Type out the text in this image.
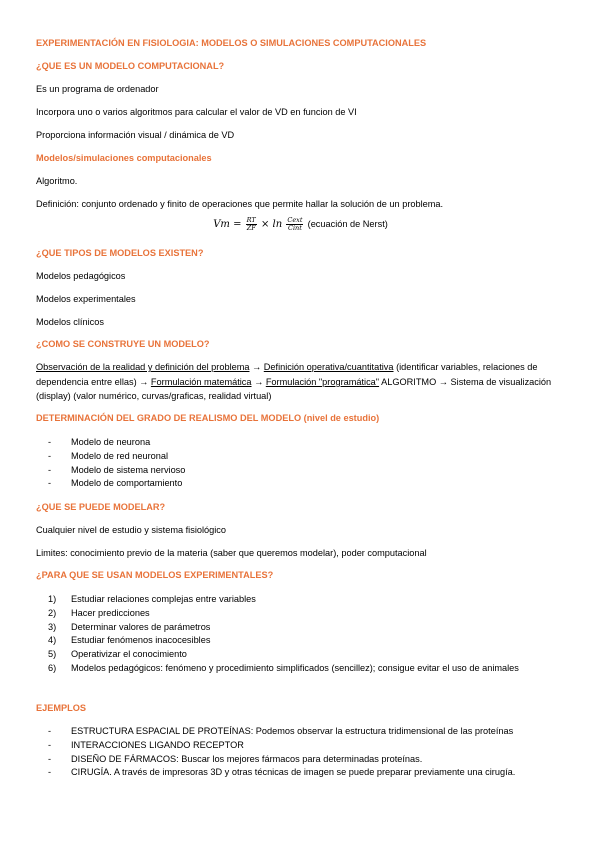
EXPERIMENTACIÓN EN FISIOLOGIA: MODELOS O SIMULACIONES COMPUTACIONALES
¿QUE ES UN MODELO COMPUTACIONAL?
Es un programa de ordenador
Incorpora uno o varios algoritmos para calcular el valor de VD en funcion de VI
Proporciona información visual / dinámica de VD
Modelos/simulaciones computacionales
Algoritmo.
Definición: conjunto ordenado y finito de operaciones que permite hallar la solución de un problema.
$Vm = \frac{RT}{ZF} \times \ln \frac{\text{Cext}}{\text{Cint}}$ (ecuación de Nerst)
¿QUE TIPOS DE MODELOS EXISTEN?
Modelos pedagógicos
Modelos experimentales
Modelos clínicos
¿COMO SE CONSTRUYE UN MODELO?
Observación de la realidad y definición del problema → Definición operativa/cuantitativa (identificar variables, relaciones de dependencia entre ellas) → Formulación matemática → Formulación "programática" ALGORITMO → Sistema de visualización (display) (valor numérico, curvas/graficas, realidad virtual)
DETERMINACIÓN DEL GRADO DE REALISMO DEL MODELO (nivel de estudio)
- Modelo de neurona
- Modelo de red neuronal
- Modelo de sistema nervioso
- Modelo de comportamiento
¿QUE SE PUEDE MODELAR?
Cualquier nivel de estudio y sistema fisiológico
Limites: conocimiento previo de la materia (saber que queremos modelar), poder computacional
¿PARA QUE SE USAN MODELOS EXPERIMENTALES?
1) Estudiar relaciones complejas entre variables
2) Hacer predicciones
3) Determinar valores de parámetros
4) Estudiar fenómenos inacocesibles
5) Operativizar el conocimiento
6) Modelos pedagógicos: fenómeno y procedimiento simplificados (sencillez); consigue evitar el uso de animales
EJEMPLOS
- ESTRUCTURA ESPACIAL DE PROTEÍNAS: Podemos observar la estructura tridimensional de las proteínas
- INTERACCIONES LIGANDO RECEPTOR
- DISEÑO DE FÁRMACOS: Buscar los mejores fármacos para determinadas proteínas.
- CIRUGÍA. A través de impresoras 3D y otras técnicas de imagen se puede preparar previamente una cirugía.
